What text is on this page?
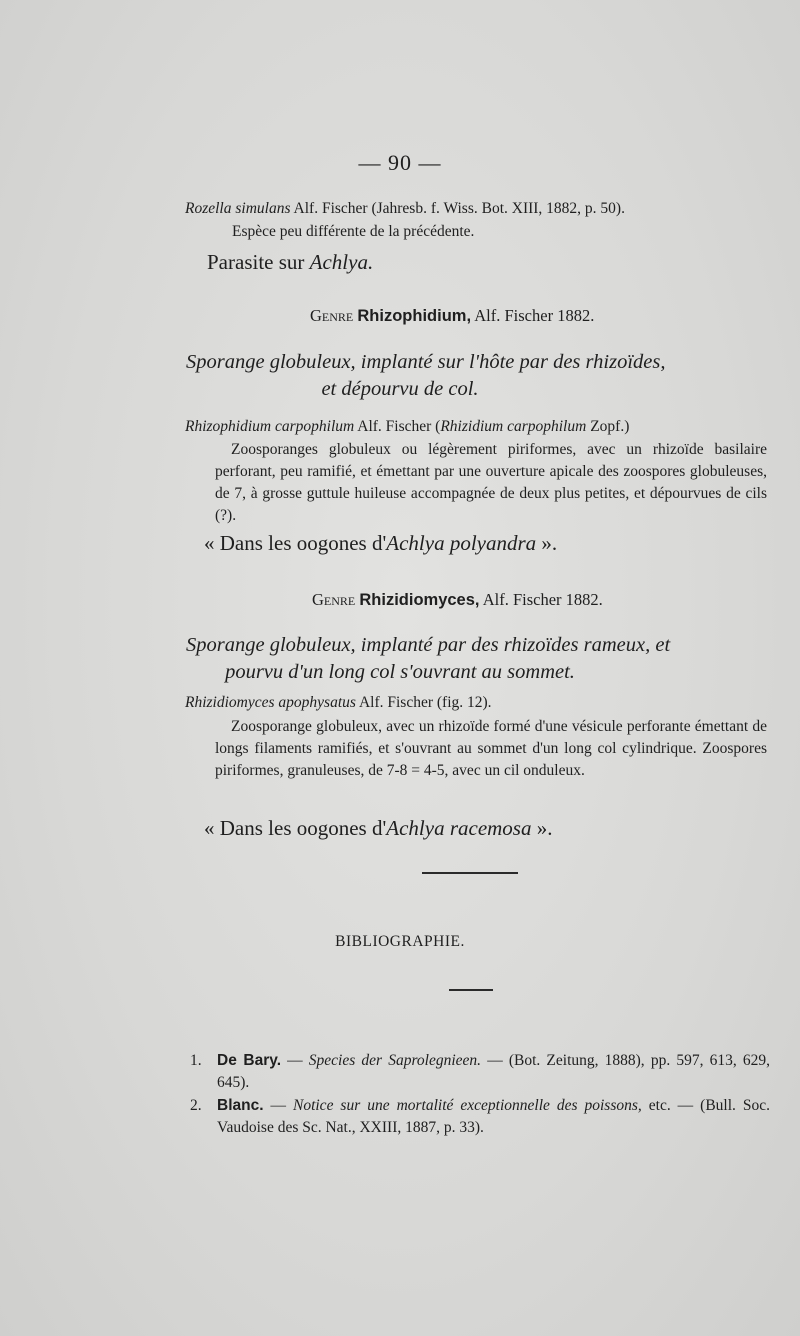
— 90 —
Rozella simulans Alf. Fischer (Jahresb. f. Wiss. Bot. XIII, 1882, p. 50).
Espèce peu différente de la précédente.
Parasite sur Achlya.
Genre Rhizophidium, Alf. Fischer 1882.
Sporange globuleux, implanté sur l'hôte par des rhizoïdes,
et dépourvu de col.
Rhizophidium carpophilum Alf. Fischer (Rhizidium carpophilum Zopf.)
Zoosporanges globuleux ou légèrement piriformes, avec un rhizoïde basilaire perforant, peu ramifié, et émettant par une ouverture apicale des zoospores globuleuses, de 7, à grosse guttule huileuse accompagnée de deux plus petites, et dépourvues de cils (?).
« Dans les oogones d'Achlya polyandra ».
Genre Rhizidiomyces, Alf. Fischer 1882.
Sporange globuleux, implanté par des rhizoïdes rameux, et
pourvu d'un long col s'ouvrant au sommet.
Rhizidiomyces apophysatus Alf. Fischer (fig. 12).
Zoosporange globuleux, avec un rhizoïde formé d'une vésicule perforante émettant de longs filaments ramifiés, et s'ouvrant au sommet d'un long col cylindrique. Zoospores piriformes, granuleuses, de 7-8 = 4-5, avec un cil onduleux.
« Dans les oogones d'Achlya racemosa ».
BIBLIOGRAPHIE.
1. De Bary. — Species der Saprolegnieen. — (Bot. Zeitung, 1888), pp. 597, 613, 629, 645).
2. Blanc. — Notice sur une mortalité exceptionnelle des poissons, etc. — (Bull. Soc. Vaudoise des Sc. Nat., XXIII, 1887, p. 33).
